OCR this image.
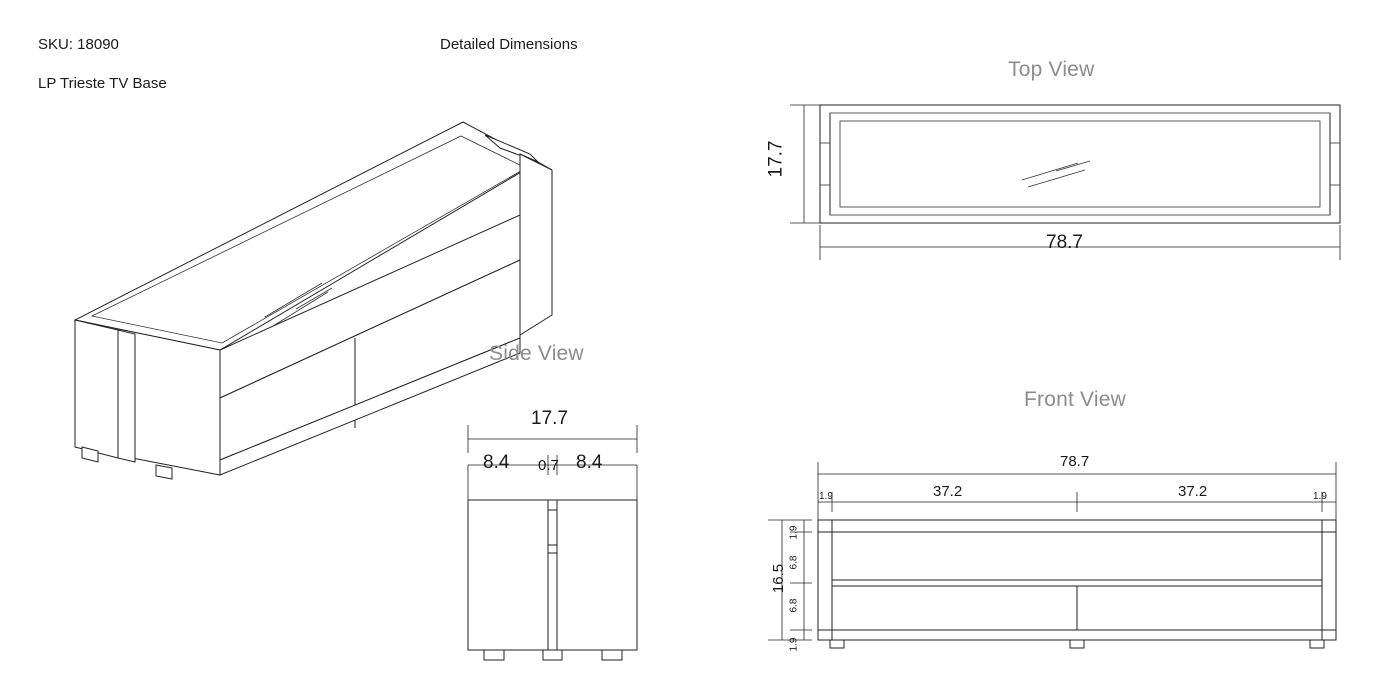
SKU: 18090
LP Trieste TV Base
Detailed Dimensions
Side View
17.7
8.4 0.7 8.4
Top View
17.7
78.7
Front View
78.7
1.9	37.2	37.2	1.9
16.5
1.9
6.8
6.8
1.9
